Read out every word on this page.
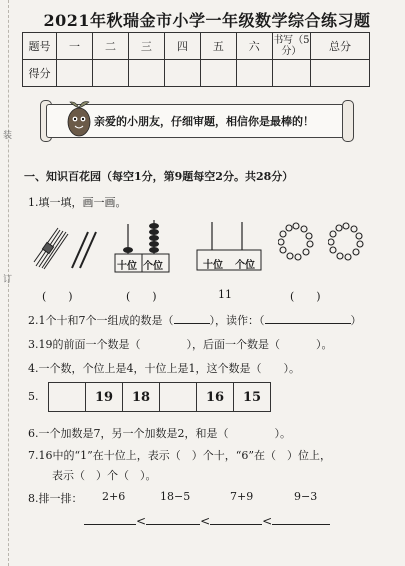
装
订
2021年秋瑞金市小学一年级数学综合练习题
题号	一	二	三	四	五	六	书写（5分）	总分
得分								
亲爱的小朋友，仔细审题，相信你是最棒的！
一、知识百花园（每空1分，第9题每空2分。共28分）
1.填一填，画一画。
十位 个位	十位 个位
(　　)	(　　)	11	(　　)
2.1个十和7个一组成的数是（	），读作：（	）
3.19的前面一个数是（	），后面一个数是（	）。
4.一个数，个位上是4，十位上是1，这个数是（　　）。
5.
		19	18		16	15
6.一个加数是7，另一个加数是2，和是（	）。
7.16中的“1”在十位上，表示（　）个十，“6”在（　）位上，
表示（　）个（　）。
8.排一排： 2+6	18−5	7+9	9−3
<	<	<
